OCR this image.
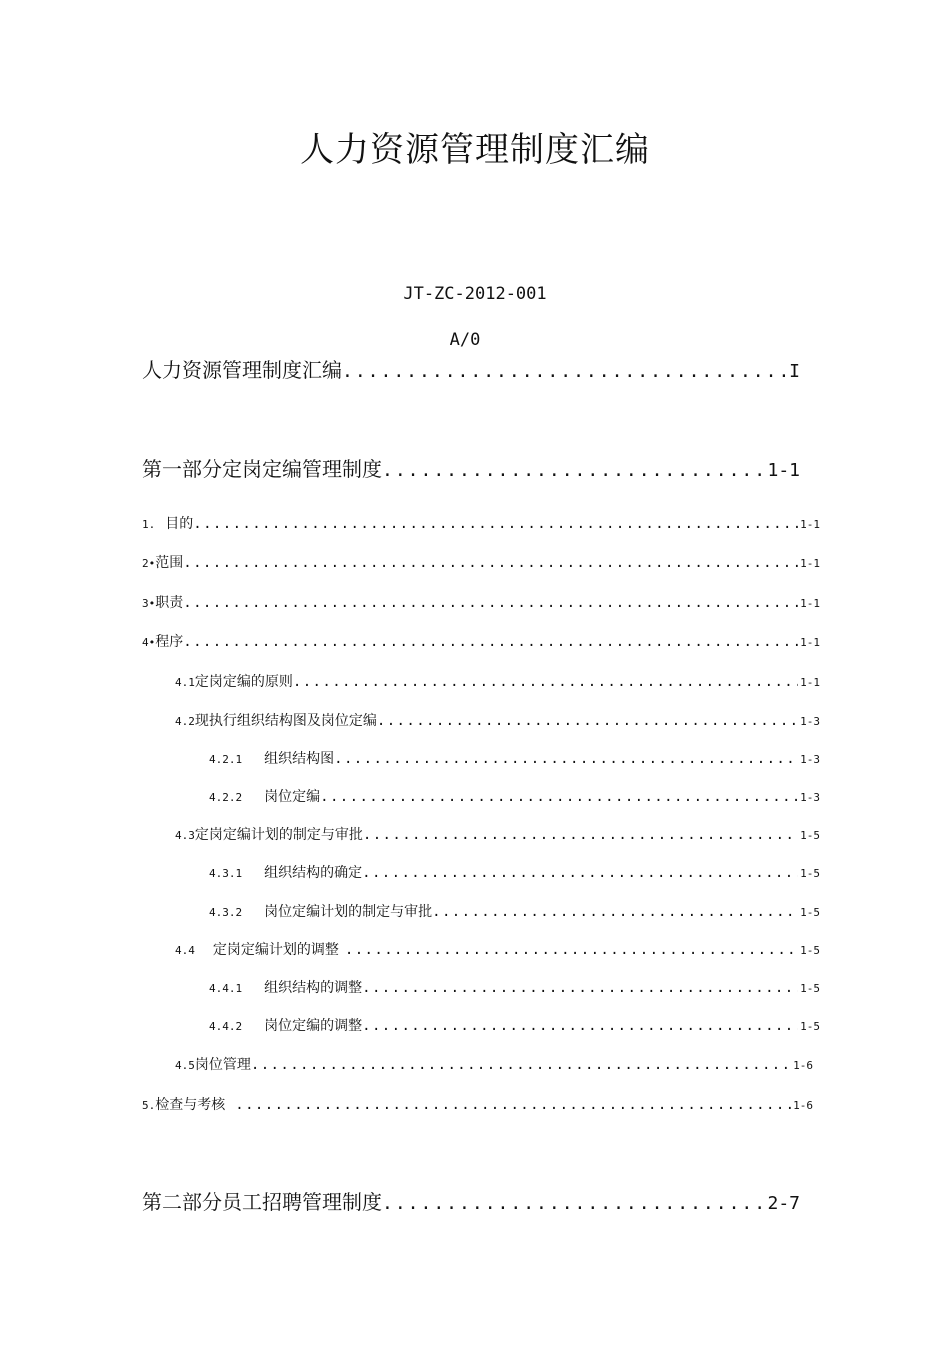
人力资源管理制度汇编
JT-ZC-2012-001
A/0
人力资源管理制度汇编 .....	I
第一部分定岗定编管理制度 .....	1-1
1. 目的 .....	1-1
2• 范围 .....	1-1
3• 职责 .....	1-1
4• 程序 .....	1-1
4.1 定岗定编的原则 .....	1-1
4.2 现执行组织结构图及岗位定编 .....	1-3
4.2.1 组织结构图 .....	1-3
4.2.2 岗位定编 .....	1-3
4.3 定岗定编计划的制定与审批 .....	1-5
4.3.1 组织结构的确定 .....	1-5
4.3.2 岗位定编计划的制定与审批 .....	1-5
4.4 定岗定编计划的调整 .....	1-5
4.4.1 组织结构的调整 .....	1-5
4.4.2 岗位定编的调整 .....	1-5
4.5 岗位管理 .....	1-6
5. 检查与考核 .....	1-6
第二部分员工招聘管理制度 .....	2-7
